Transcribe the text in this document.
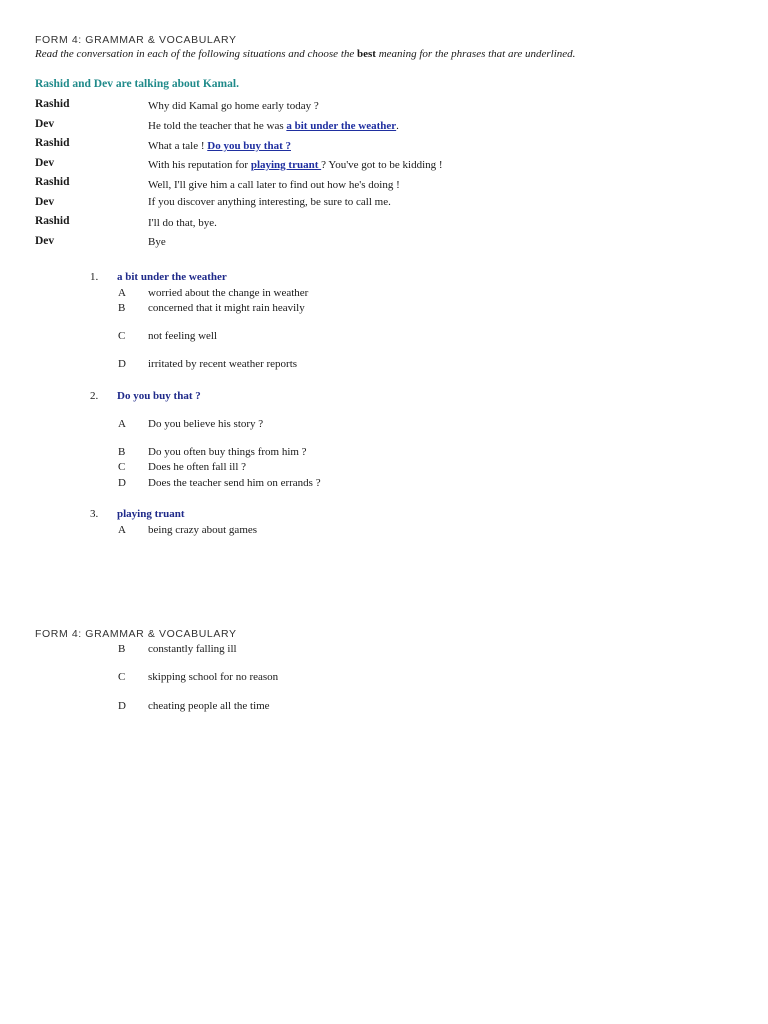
FORM 4: GRAMMAR & VOCABULARY
Read the conversation in each of the following situations and choose the best meaning for the phrases that are underlined.
Rashid and Dev are talking about Kamal.
Rashid	Why did Kamal go home early today ?
Dev	He told the teacher that he was a bit under the weather.
Rashid	What a tale ! Do you buy that ?
Dev	With his reputation for playing truant ? You've got to be kidding !
Rashid	Well, I'll give him a call later to find out how he's doing !
Dev	If you discover anything interesting, be sure to call me.
Rashid	I'll do that, bye.
Dev	Bye
1. a bit under the weather
A worried about the change in weather
B concerned that it might rain heavily
C not feeling well
D irritated by recent weather reports
2. Do you buy that ?
A Do you believe his story ?
B Do you often buy things from him ?
C Does he often fall ill ?
D Does the teacher send him on errands ?
3. playing truant
A being crazy about games
FORM 4: GRAMMAR & VOCABULARY
B constantly falling ill
C skipping school for no reason
D cheating people all the time
